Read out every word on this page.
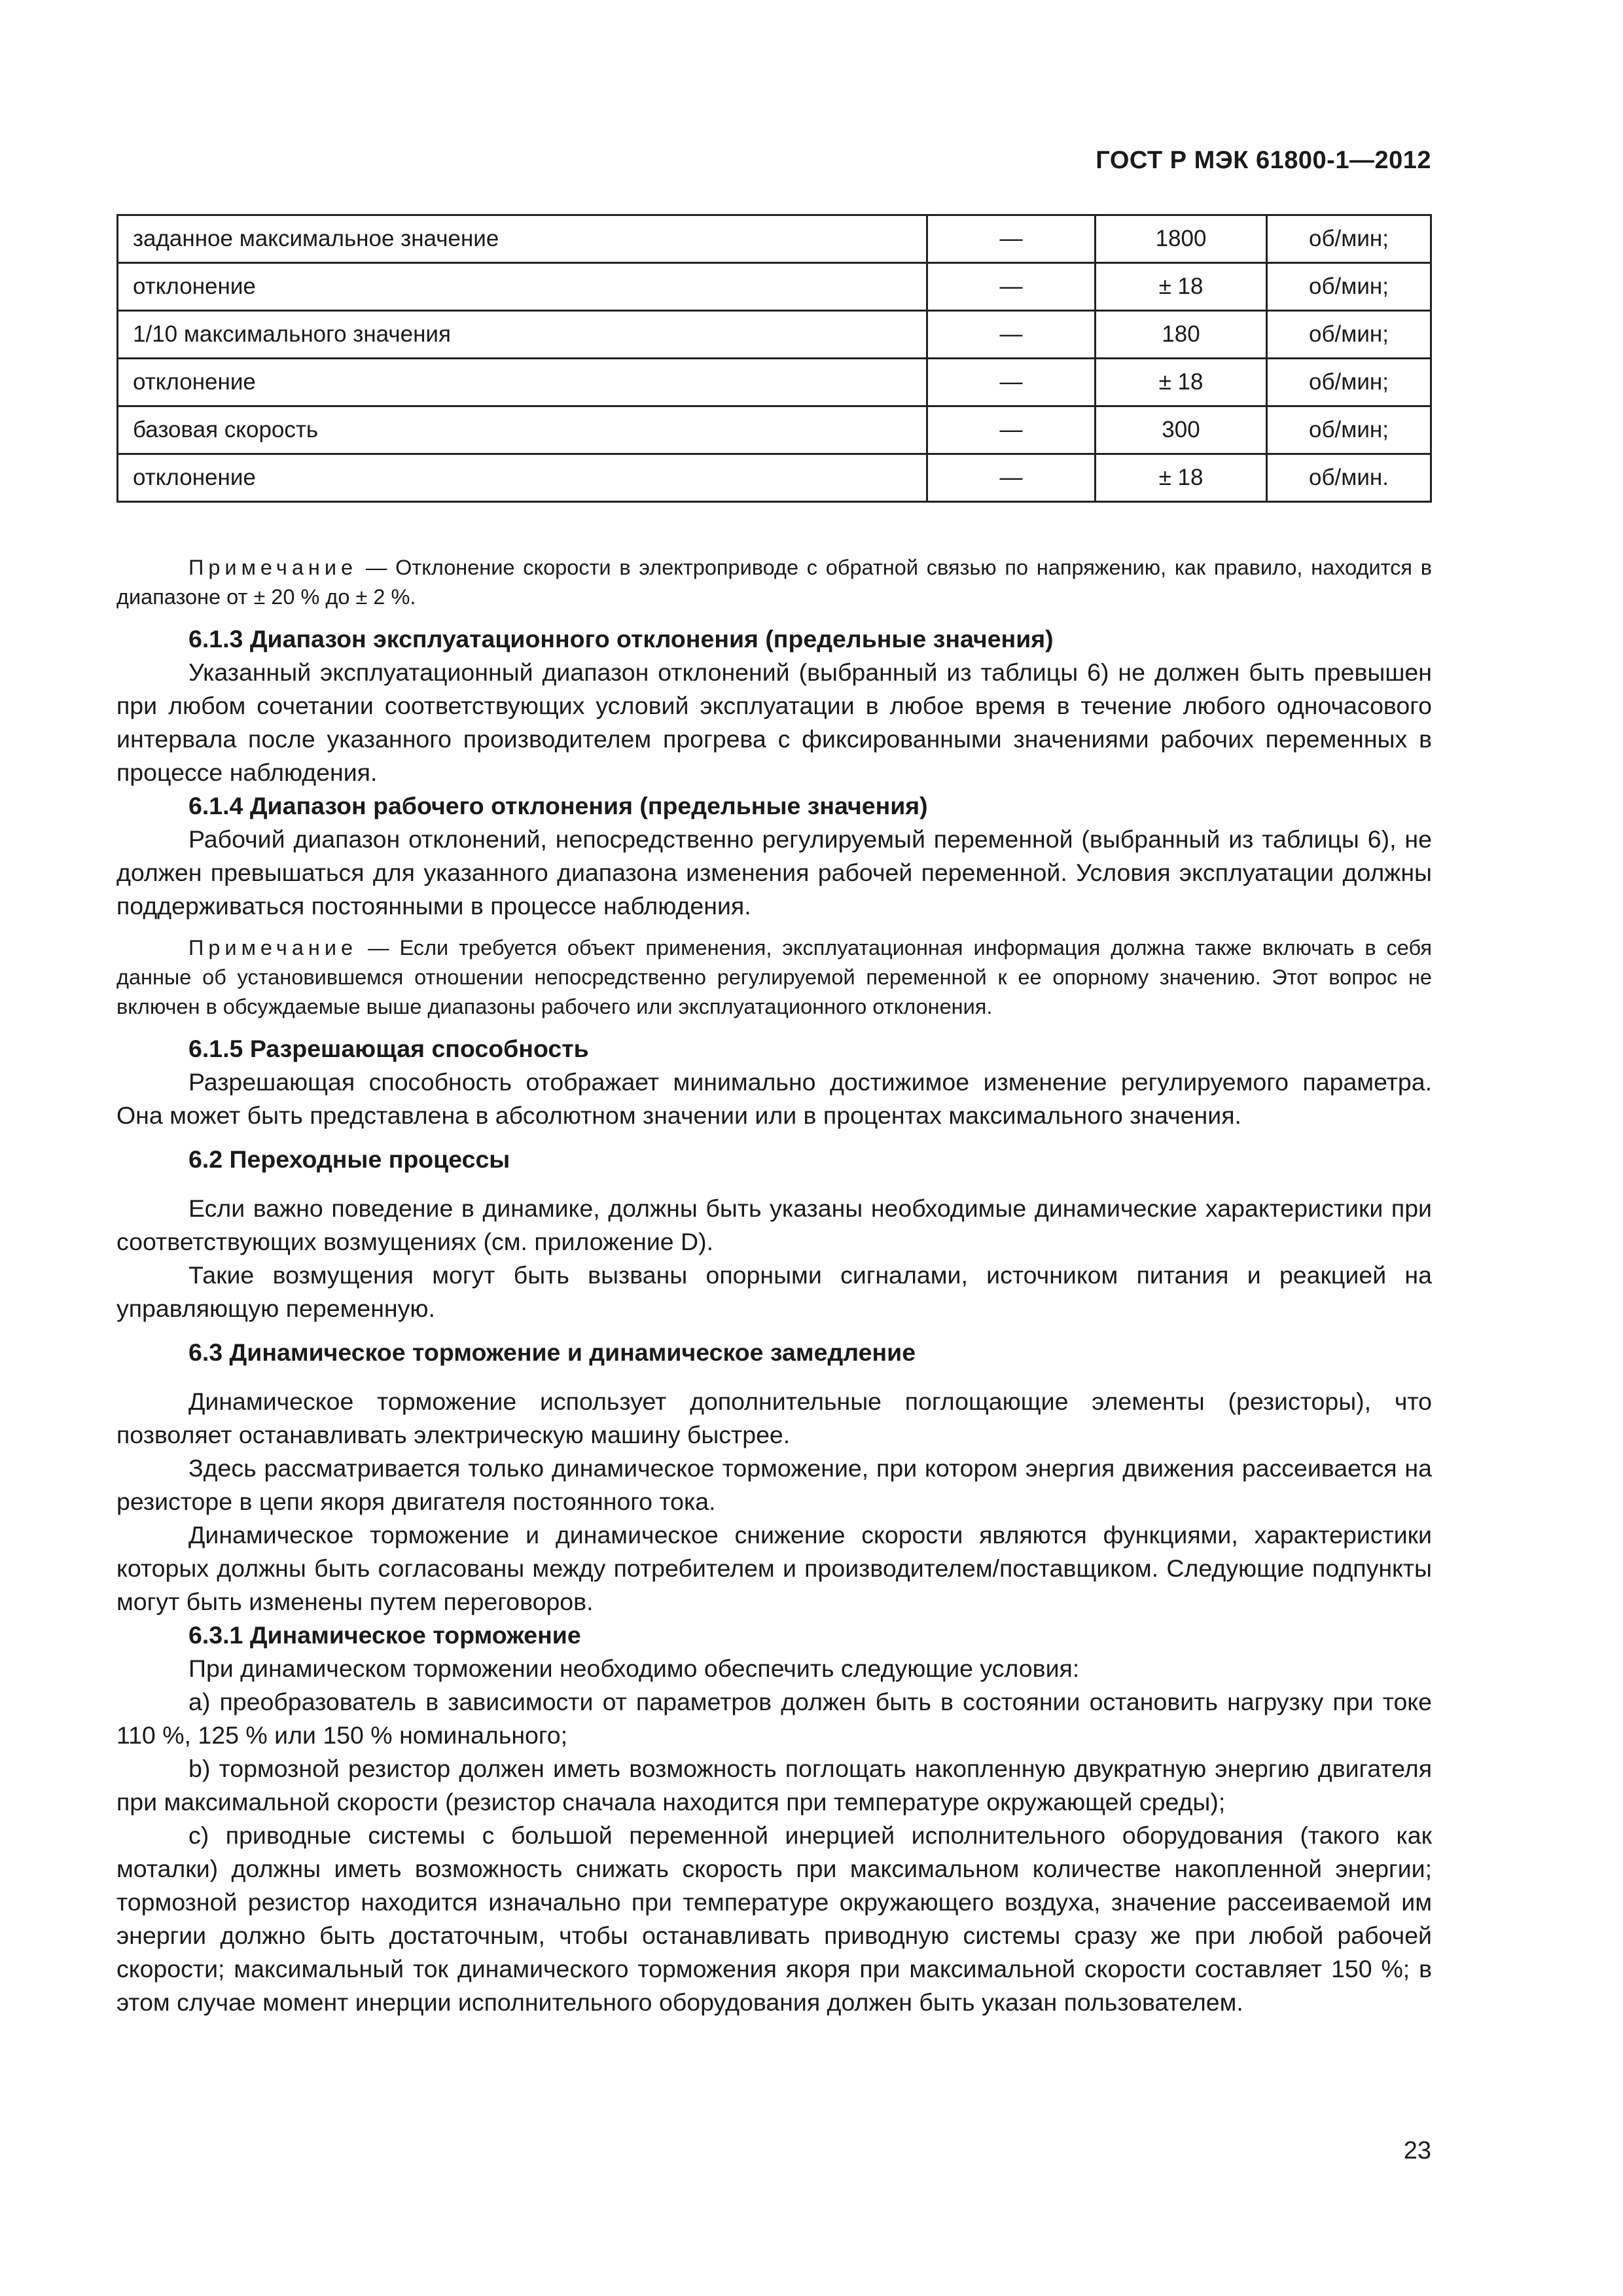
ГОСТ Р МЭК 61800-1—2012
заданное максимальное значение	—	1800	об/мин;
отклонение	—	± 18	об/мин;
1/10 максимального значения	—	180	об/мин;
отклонение	—	± 18	об/мин;
базовая скорость	—	300	об/мин;
отклонение	—	± 18	об/мин.

Примечание — Отклонение скорости в электроприводе с обратной связью по напряжению, как правило, находится в диапазоне от ± 20 % до ± 2 %.

6.1.3 Диапазон эксплуатационного отклонения (предельные значения)

Указанный эксплуатационный диапазон отклонений (выбранный из таблицы 6) не должен быть превышен при любом сочетании соответствующих условий эксплуатации в любое время в течение любого одночасового интервала после указанного производителем прогрева с фиксированными значениями рабочих переменных в процессе наблюдения.

6.1.4 Диапазон рабочего отклонения (предельные значения)

Рабочий диапазон отклонений, непосредственно регулируемый переменной (выбранный из таблицы 6), не должен превышаться для указанного диапазона изменения рабочей переменной. Условия эксплуатации должны поддерживаться постоянными в процессе наблюдения.

Примечание — Если требуется объект применения, эксплуатационная информация должна также включать в себя данные об установившемся отношении непосредственно регулируемой переменной к ее опорному значению. Этот вопрос не включен в обсуждаемые выше диапазоны рабочего или эксплуатационного отклонения.

6.1.5 Разрешающая способность

Разрешающая способность отображает минимально достижимое изменение регулируемого параметра. Она может быть представлена в абсолютном значении или в процентах максимального значения.

6.2 Переходные процессы

Если важно поведение в динамике, должны быть указаны необходимые динамические характеристики при соответствующих возмущениях (см. приложение D).

Такие возмущения могут быть вызваны опорными сигналами, источником питания и реакцией на управляющую переменную.

6.3 Динамическое торможение и динамическое замедление

Динамическое торможение использует дополнительные поглощающие элементы (резисторы), что позволяет останавливать электрическую машину быстрее.

Здесь рассматривается только динамическое торможение, при котором энергия движения рассеивается на резисторе в цепи якоря двигателя постоянного тока.

Динамическое торможение и динамическое снижение скорости являются функциями, характеристики которых должны быть согласованы между потребителем и производителем/поставщиком. Следующие подпункты могут быть изменены путем переговоров.

6.3.1 Динамическое торможение

При динамическом торможении необходимо обеспечить следующие условия:

а) преобразователь в зависимости от параметров должен быть в состоянии остановить нагрузку при токе 110 %, 125 % или 150 % номинального;

b) тормозной резистор должен иметь возможность поглощать накопленную двукратную энергию двигателя при максимальной скорости (резистор сначала находится при температуре окружающей среды);

с) приводные системы с большой переменной инерцией исполнительного оборудования (такого как моталки) должны иметь возможность снижать скорость при максимальном количестве накопленной энергии; тормозной резистор находится изначально при температуре окружающего воздуха, значение рассеиваемой им энергии должно быть достаточным, чтобы останавливать приводную системы сразу же при любой рабочей скорости; максимальный ток динамического торможения якоря при максимальной скорости составляет 150 %; в этом случае момент инерции исполнительного оборудования должен быть указан пользователем.

23
